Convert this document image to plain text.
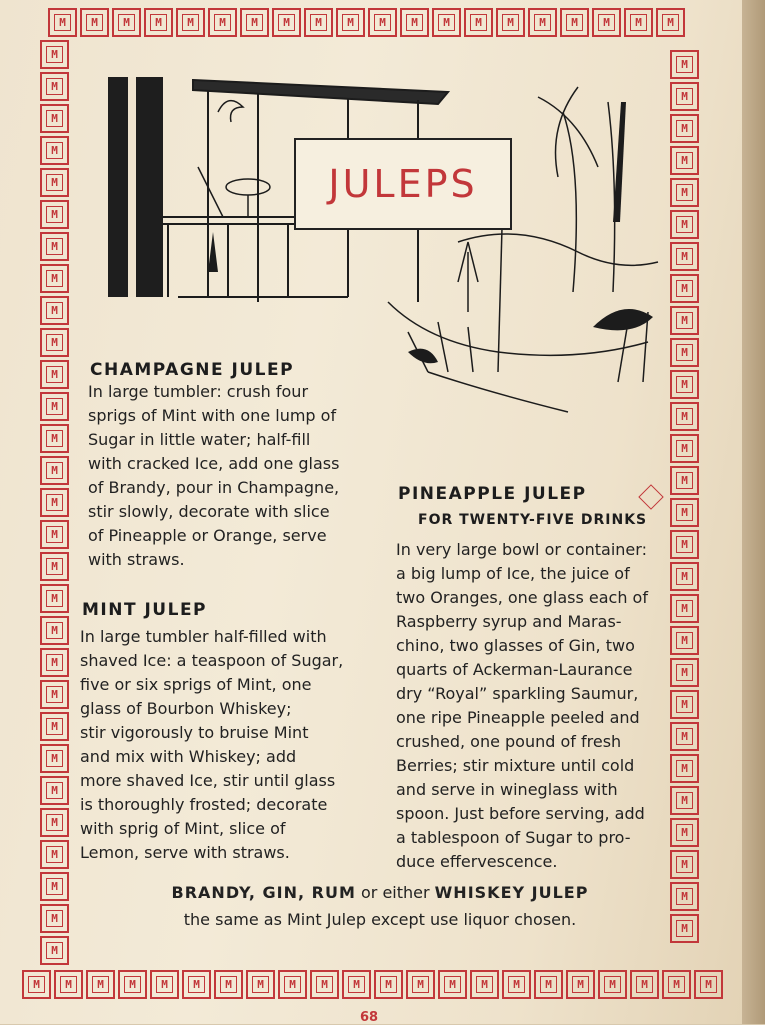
M
M
M
M
M
M
M
M
M
M
M
M
M
M
M
M
M
M
M
M
M
M
M
M
M
M
M
M
M
M
M
M
M
M
M
M
M
M
M
M
M
M
M
M
M
M
M
M
M
M
M
M
M
M
M
M
M
M
M
M
M
M
M
M
M
M
M
M
M
M
M
M
M
M
M
M
M
M
M
M
M
M
M
M
M
M
M
M
M
M
M
M
M
M
M
M
M
M
M
JULEPS
CHAMPAGNE JULEP
In large tumbler: crush four
sprigs of Mint with one lump of
Sugar in little water; half-fill
with cracked Ice, add one glass
of Brandy, pour in Champagne,
stir slowly, decorate with slice
of Pineapple or Orange, serve
with straws.
MINT JULEP
In large tumbler half-filled with
shaved Ice: a teaspoon of Sugar,
five or six sprigs of Mint, one
glass of Bourbon Whiskey;
stir vigorously to bruise Mint
and mix with Whiskey; add
more shaved Ice, stir until glass
is thoroughly frosted; decorate
with sprig of Mint, slice of
Lemon, serve with straws.
PINEAPPLE JULEP
FOR TWENTY-FIVE DRINKS
In very large bowl or container:
a big lump of Ice, the juice of
two Oranges, one glass each of
Raspberry syrup and Maras-
chino, two glasses of Gin, two
quarts of Ackerman-Laurance
dry “Royal” sparkling Saumur,
one ripe Pineapple peeled and
crushed, one pound of fresh
Berries; stir mixture until cold
and serve in wineglass with
spoon. Just before serving, add
a tablespoon of Sugar to pro-
duce effervescence.
BRANDY, GIN, RUM or either WHISKEY JULEP
the same as Mint Julep except use liquor chosen.
68
